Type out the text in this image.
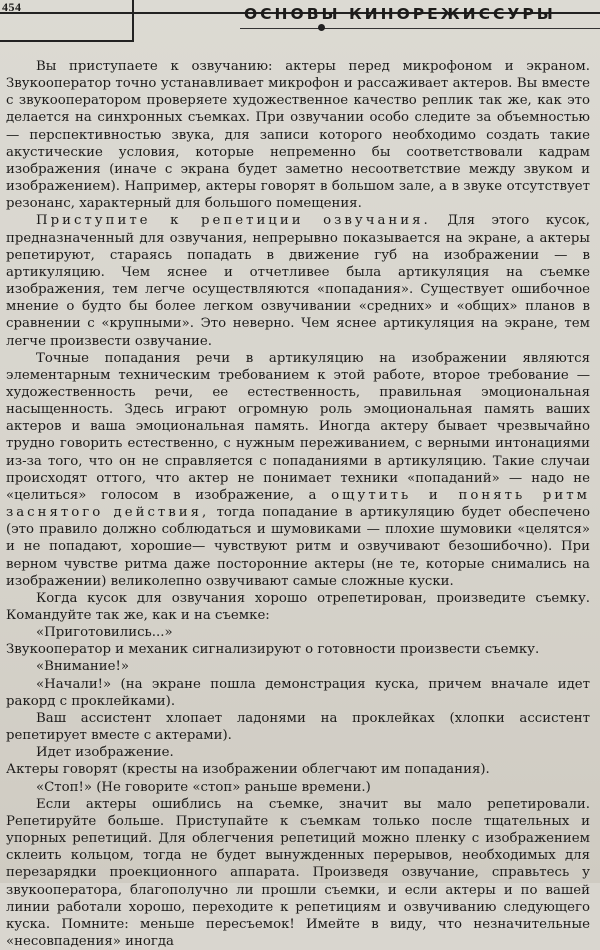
454	ОСНОВЫ КИНОРЕЖИССУРЫ

Вы приступаете к озвучанию: актеры перед микрофоном и экраном. Звукооператор точно устанавливает микрофон и рассаживает актеров. Вы вместе с звукооператором проверяете художественное качество реплик так же, как это делается на синхронных съемках. При озвучании особо следите за объемностью — перспективностью звука, для записи которого необходимо создать такие акустические условия, которые непременно бы соответствовали кадрам изображения (иначе с экрана будет заметно несоответствие между звуком и изображением). Например, актеры говорят в большом зале, а в звуке отсутствует резонанс, характерный для большого помещения.

Приступите к репетиции озвучания. Для этого кусок, предназначенный для озвучания, непрерывно показывается на экране, а актеры репетируют, стараясь попадать в движение губ на изображении — в артикуляцию. Чем яснее и отчетливее была артикуляция на съемке изображения, тем легче осуществляются «попадания». Существует ошибочное мнение о будто бы более легком озвучивании «средних» и «общих» планов в сравнении с «крупными». Это неверно. Чем яснее артикуляция на экране, тем легче произвести озвучание.

Точные попадания речи в артикуляцию на изображении являются элементарным техническим требованием к этой работе, второе требование — художественность речи, ее естественность, правильная эмоциональная насыщенность. Здесь играют огромную роль эмоциональная память ваших актеров и ваша эмоциональная память. Иногда актеру бывает чрезвычайно трудно говорить естественно, с нужным переживанием, с верными интонациями из-за того, что он не справляется с попаданиями в артикуляцию. Такие случаи происходят оттого, что актер не понимает техники «попаданий» — надо не «целиться» голосом в изображение, а ощутить и понять ритм заснятого действия, тогда попадание в артикуляцию будет обеспечено (это правило должно соблюдаться и шумовиками — плохие шумовики «целятся» и не попадают, хорошие— чувствуют ритм и озвучивают безошибочно). При верном чувстве ритма даже посторонние актеры (не те, которые снимались на изображении) великолепно озвучивают самые сложные куски.

Когда кусок для озвучания хорошо отрепетирован, произведите съемку. Командуйте так же, как и на съемке:

«Приготовились...»

Звукооператор и механик сигнализируют о готовности произвести съемку.

«Внимание!»

«Начали!» (на экране пошла демонстрация куска, причем вначале идет ракорд с проклейками).

Ваш ассистент хлопает ладонями на проклейках (хлопки ассистент репетирует вместе с актерами).

Идет изображение.

Актеры говорят (кресты на изображении облегчают им попадания).

«Стоп!» (Не говорите «стоп» раньше времени.)

Если актеры ошиблись на съемке, значит вы мало репетировали. Репетируйте больше. Приступайте к съемкам только после тщательных и упорных репетиций. Для облегчения репетиций можно пленку с изображением склеить кольцом, тогда не будет вынужденных перерывов, необходимых для перезарядки проекционного аппарата. Произведя озвучание, справьтесь у звукооператора, благополучно ли прошли съемки, и если актеры и по вашей линии работали хорошо, переходите к репетициям и озвучиванию следующего куска. Помните: меньше пересъемок! Имейте в виду, что незначительные «несовпадения» иногда
